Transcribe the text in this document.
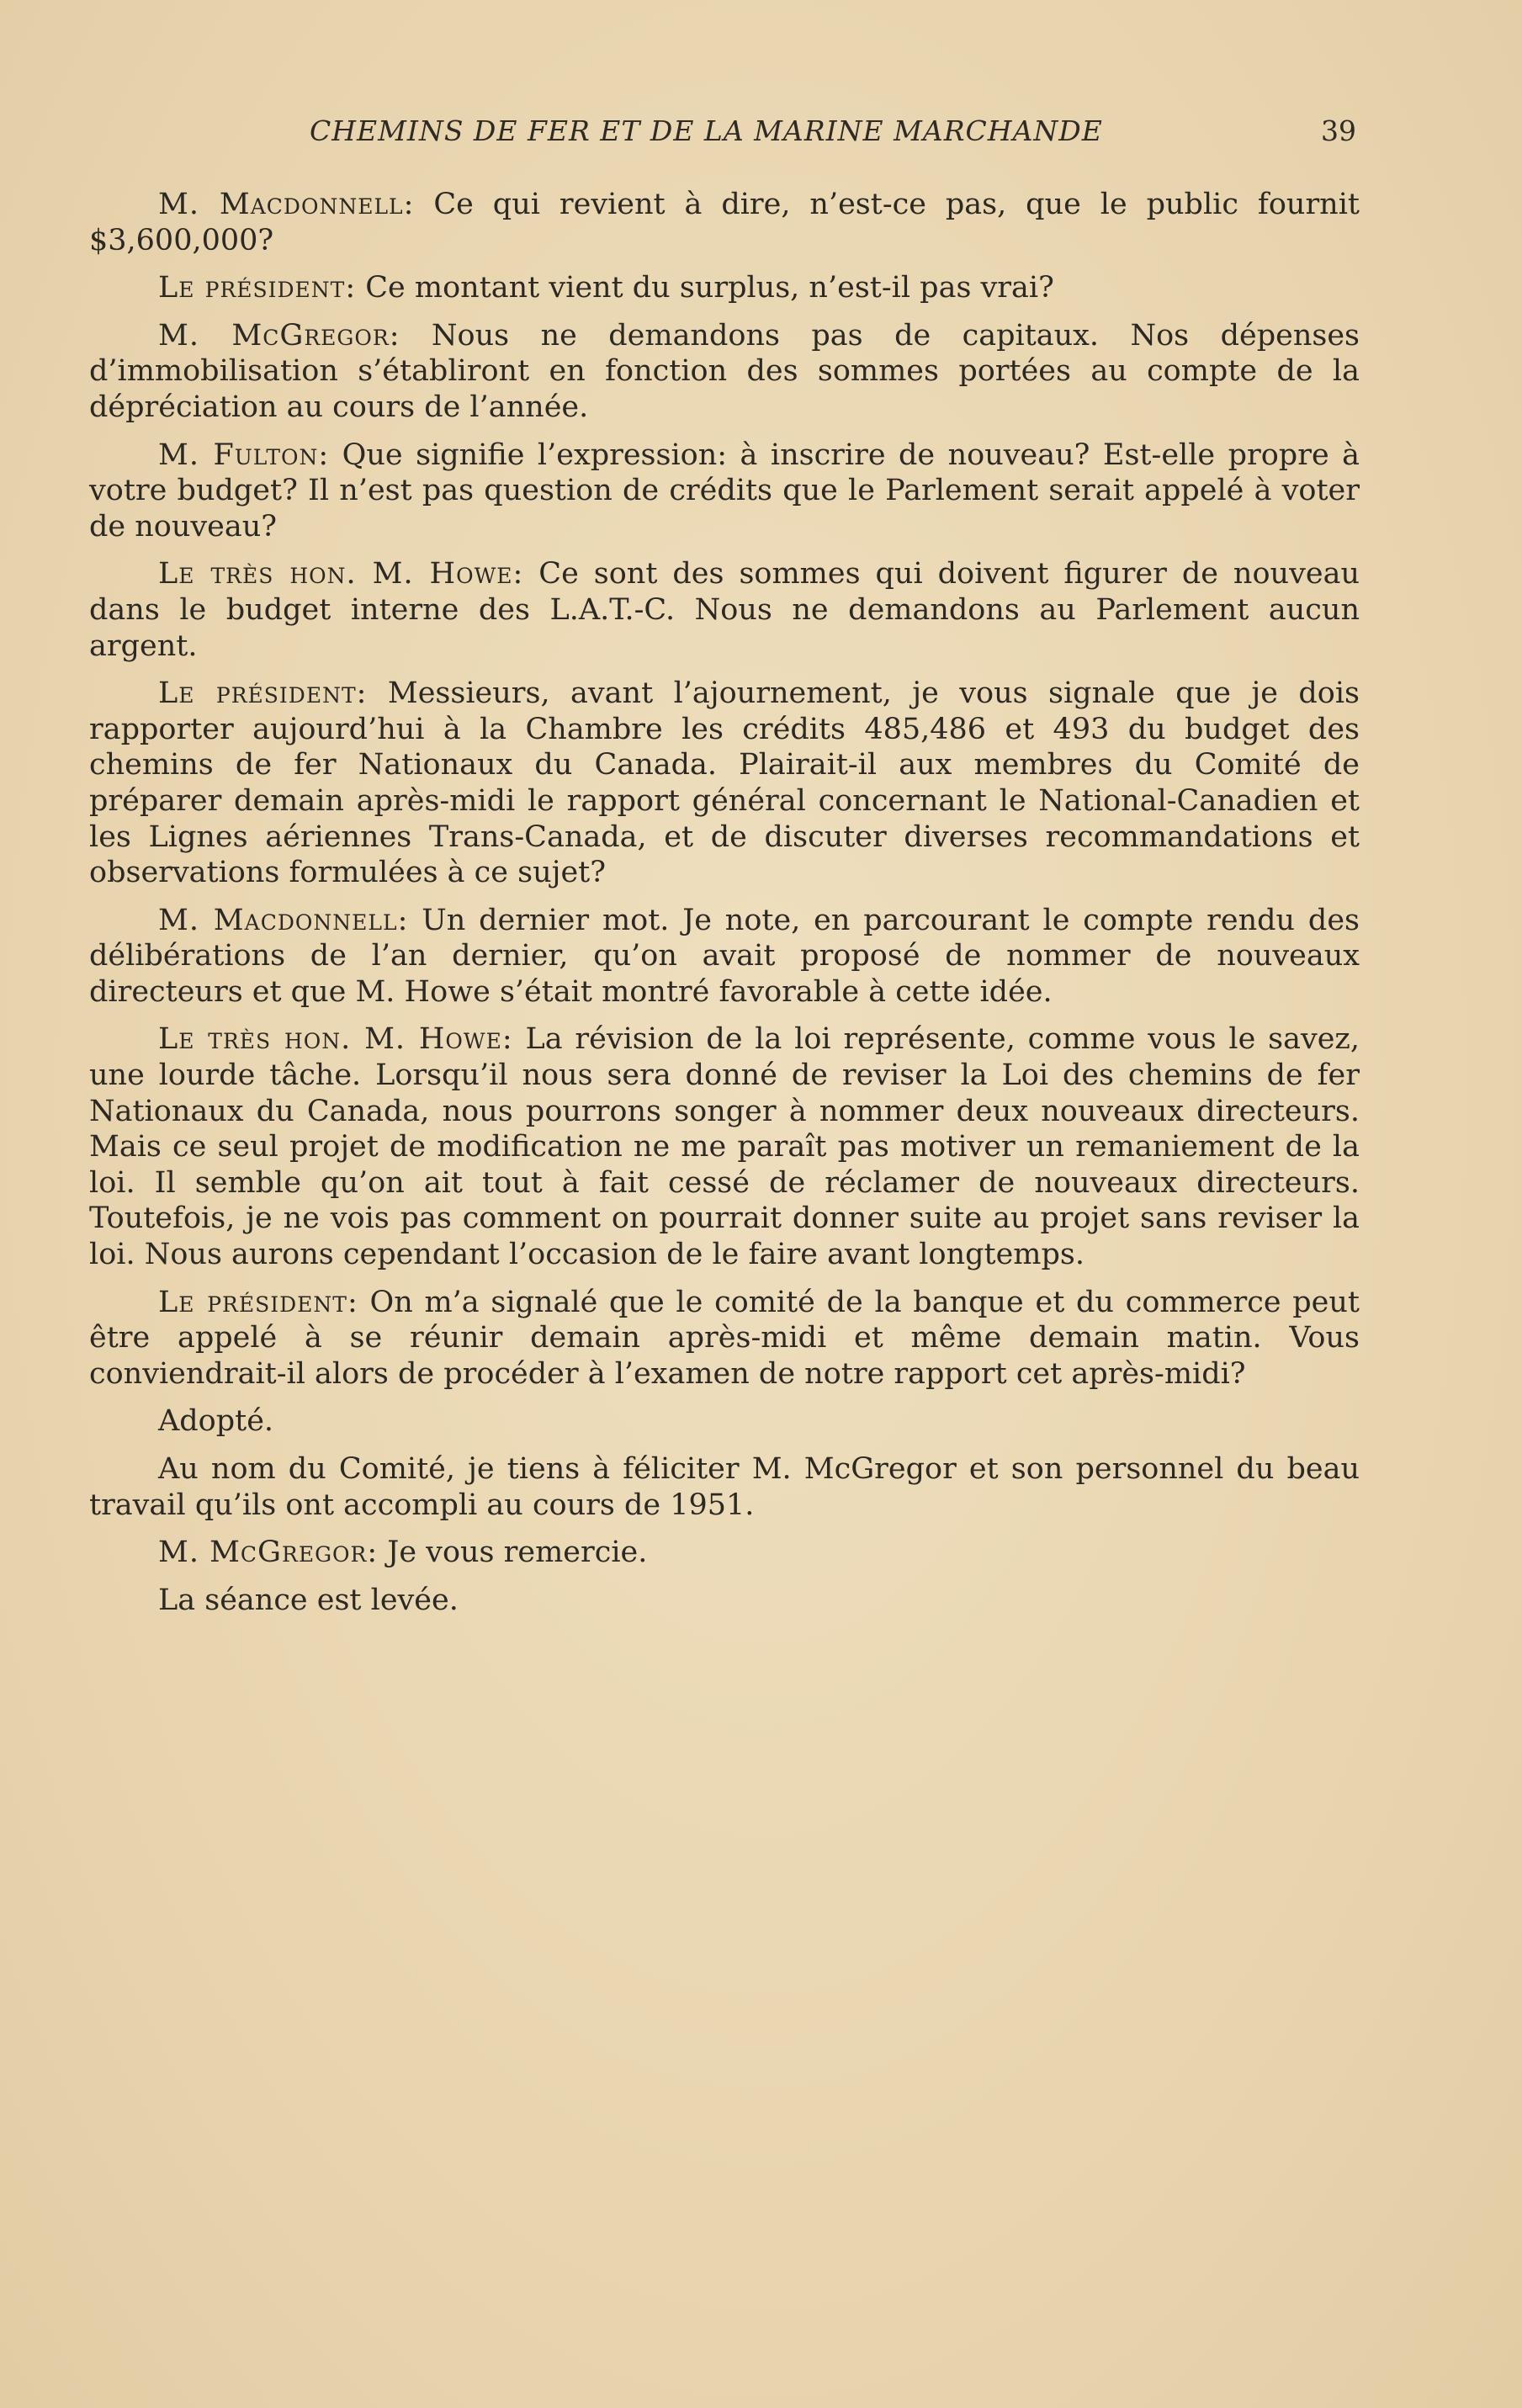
CHEMINS DE FER ET DE LA MARINE MARCHANDE	39

M. Macdonnell: Ce qui revient à dire, n’est-ce pas, que le public fournit $3,600,000?

Le président: Ce montant vient du surplus, n’est-il pas vrai?

M. McGregor: Nous ne demandons pas de capitaux. Nos dépenses d’immobilisation s’établiront en fonction des sommes portées au compte de la dépréciation au cours de l’année.

M. Fulton: Que signifie l’expression: à inscrire de nouveau? Est-elle propre à votre budget? Il n’est pas question de crédits que le Parlement serait appelé à voter de nouveau?

Le très hon. M. Howe: Ce sont des sommes qui doivent figurer de nouveau dans le budget interne des L.A.T.-C. Nous ne demandons au Parlement aucun argent.

Le président: Messieurs, avant l’ajournement, je vous signale que je dois rapporter aujourd’hui à la Chambre les crédits 485,486 et 493 du budget des chemins de fer Nationaux du Canada. Plairait-il aux membres du Comité de préparer demain après-midi le rapport général concernant le National-Canadien et les Lignes aériennes Trans-Canada, et de discuter diverses recommandations et observations formulées à ce sujet?

M. Macdonnell: Un dernier mot. Je note, en parcourant le compte rendu des délibérations de l’an dernier, qu’on avait proposé de nommer de nouveaux directeurs et que M. Howe s’était montré favorable à cette idée.

Le très hon. M. Howe: La révision de la loi représente, comme vous le savez, une lourde tâche. Lorsqu’il nous sera donné de reviser la Loi des chemins de fer Nationaux du Canada, nous pourrons songer à nommer deux nouveaux directeurs. Mais ce seul projet de modification ne me paraît pas motiver un remaniement de la loi. Il semble qu’on ait tout à fait cessé de réclamer de nouveaux directeurs. Toutefois, je ne vois pas comment on pourrait donner suite au projet sans reviser la loi. Nous aurons cependant l’occasion de le faire avant longtemps.

Le président: On m’a signalé que le comité de la banque et du commerce peut être appelé à se réunir demain après-midi et même demain matin. Vous conviendrait-il alors de procéder à l’examen de notre rapport cet après-midi?

Adopté.

Au nom du Comité, je tiens à féliciter M. McGregor et son personnel du beau travail qu’ils ont accompli au cours de 1951.

M. McGregor: Je vous remercie.

La séance est levée.
